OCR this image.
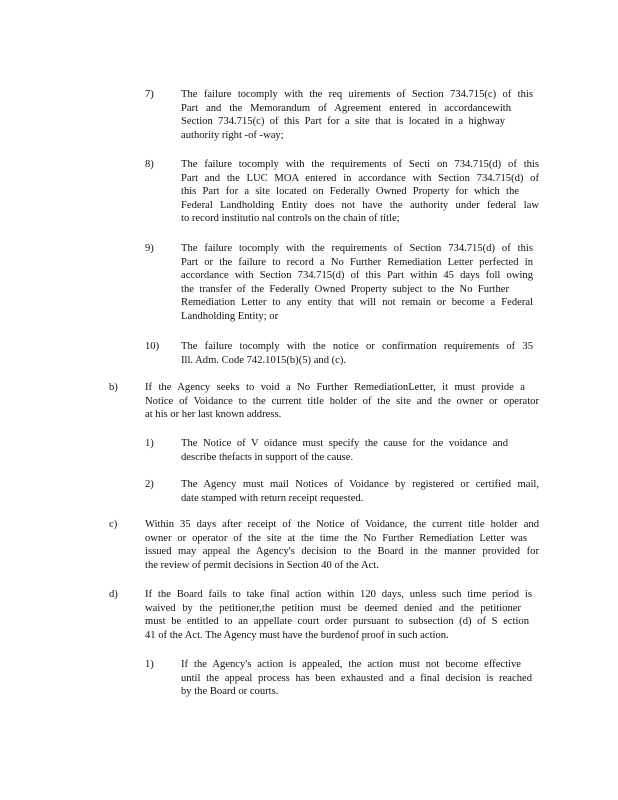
7)	The failure tocomply with the req uirements of Section 734.715(c) of this
Part and the Memorandum of Agreement entered in accordancewith
Section 734.715(c) of this Part for a site that is located in a highway
authority right -of -way;
8)	The failure tocomply with the requirements of Secti on 734.715(d) of this
Part and the LUC MOA entered in accordance with Section 734.715(d) of
this Part for a site located on Federally Owned Property for which the
Federal Landholding Entity does not have the authority under federal law
to record institutio nal controls on the chain of title;
9)	The failure tocomply with the requirements of Section 734.715(d) of this
Part or the failure to record a No Further Remediation Letter perfected in
accordance with Section 734.715(d) of this Part within 45 days foll owing
the transfer of the Federally Owned Property subject to the No Further
Remediation Letter to any entity that will not remain or become a Federal
Landholding Entity; or
10) The failure tocomply with the notice or confirmation requirements of 35
Ill. Adm. Code 742.1015(b)(5) and (c).
b)	If the Agency seeks to void a No Further RemediationLetter, it must provide a
Notice of Voidance to the current title holder of the site and the owner or operator
at his or her last known address.
1)	The Notice of V oidance must specify the cause for the voidance and
describe thefacts in support of the cause.
2)	The Agency must mail Notices of Voidance by registered or certified mail,
date stamped with return receipt requested.
c)	Within 35 days after receipt of the Notice of Voidance, the current title holder and
owner or operator of the site at the time the No Further Remediation Letter was
issued may appeal the Agency's decision to the Board in the manner provided for
the review of permit decisions in Section 40 of the Act.
d)	If the Board fails to take final action within 120 days, unless such time period is
waived by the petitioner,the petition must be deemed denied and the petitioner
must be entitled to an appellate court order pursuant to subsection (d) of S ection
41 of the Act. The Agency must have the burdenof proof in such action.
1)	If the Agency's action is appealed, the action must not become effective
until the appeal process has been exhausted and a final decision is reached
by the Board or courts.
